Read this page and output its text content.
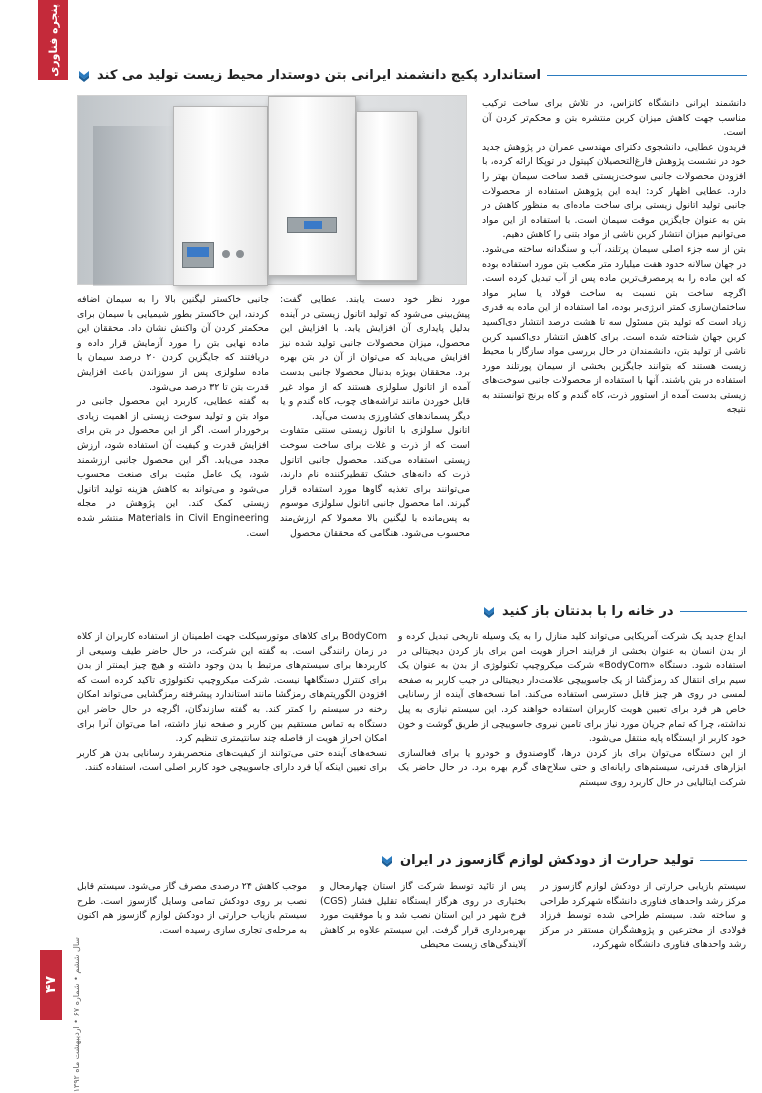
پنجره فناوری	استاندارد پکیج دانشمند ایرانی بتن دوستدار محیط زیست تولید می کند

دانشمند ایرانی دانشگاه کانزاس، در تلاش برای ساخت ترکیب مناسب جهت کاهش میزان کربن منتشره بتن و محکم‌تر کردن آن است.

فریدون عطایی، دانشجوی دکترای مهندسی عمران در پژوهش جدید خود در نشست پژوهش فارغ‌التحصیلان کپیتول در توپکا ارائه کرده، با افزودن محصولات جانبی سوخت‌زیستی قصد ساخت سیمان بهتر را دارد. عطایی اظهار کرد: ایده این پژوهش استفاده از محصولات جانبی تولید اتانول زیستی برای ساخت ماده‌ای به منظور کاهش در بتن به عنوان جایگزین موقت سیمان است. با استفاده از این مواد می‌توانیم میزان انتشار کربن ناشی از مواد بتنی را کاهش دهیم.

بتن از سه جزء اصلی سیمان پرتلند، آب و سنگدانه ساخته می‌شود. در جهان سالانه حدود هفت میلیارد متر مکعب بتن مورد استفاده بوده که این ماده را به پرمصرف‌ترین ماده پس از آب تبدیل کرده است. اگرچه ساخت بتن نسبت به ساخت فولاد یا سایر مواد ساختمان‌سازی کمتر انرژی‌بر بوده، اما استفاده از این ماده به قدری زیاد است که تولید بتن مسئول سه تا هشت درصد انتشار دی‌اکسید کربن جهان شناخته شده است. برای کاهش انتشار دی‌اکسید کربن ناشی از تولید بتن، دانشمندان در حال بررسی مواد سازگار با محیط زیست هستند که بتوانند جایگزین بخشی از سیمان پورتلند مورد استفاده در بتن باشند. آنها با استفاده از محصولات جانبی سوخت‌های زیستی بدست آمده از استوور ذرت، کاه گندم و کاه برنج توانستند به نتیجه

مورد نظر خود دست یابند. عطایی گفت: پیش‌بینی می‌شود که تولید اتانول زیستی در آینده بدلیل پایداری آن افزایش یابد. با افزایش این محصول، میزان محصولات جانبی تولید شده نیز افزایش می‌یابد که می‌توان از آن در بتن بهره برد. محققان بویژه بدنبال محصولا جانبی بدست آمده از اتانول سلولزی هستند که از مواد غیر قابل خوردن مانند تراشه‌های چوب، کاه گندم و یا دیگر پسماندهای کشاورزی بدست می‌آید.

اتانول سلولزی با اتانول زیستی سنتی متفاوت است که از ذرت و غلات برای ساخت سوخت زیستی استفاده می‌کند. محصول جانبی اتانول ذرت که دانه‌های خشک تقطیرکننده نام دارند، می‌توانند برای تغذیه گاوها مورد استفاده قرار گیرند. اما محصول جانبی اتانول سلولزی موسوم به پس‌مانده با لیگنین بالا معمولا کم ارزش‌مند محسوب می‌شود. هنگامی که محققان محصول

جانبی خاکستر لیگنین بالا را به سیمان اضافه کردند، این خاکستر بطور شیمیایی با سیمان برای محکمتر کردن آن واکنش نشان داد. محققان این ماده نهایی بتن را مورد آزمایش قرار داده و دریافتند که جایگزین کردن ۲۰ درصد سیمان با ماده سلولزی پس از سوزاندن باعث افزایش قدرت بتن تا ۳۲ درصد می‌شود.

به گفته عطایی، کاربرد این محصول جانبی در مواد بتن و تولید سوخت زیستی از اهمیت زیادی برخوردار است. اگر از این محصول در بتن برای افزایش قدرت و کیفیت آن استفاده شود، ارزش مجدد می‌یابد. اگر این محصول جانبی ارزشمند شود، یک عامل مثبت برای صنعت محسوب می‌شود و می‌تواند به کاهش هزینه تولید اتانول زیستی کمک کند. این پژوهش در مجله Materials in Civil Engineering منتشر شده است.

در خانه را با بدنتان باز کنید

ابداع جدید یک شرکت آمریکایی می‌تواند کلید منازل را به یک وسیله تاریخی تبدیل کرده و از بدن انسان به عنوان بخشی از فرایند احراز هویت امن برای باز کردن دیجیتالی در استفاده شود. دستگاه «BodyCom» شرکت میکروچیپ تکنولوژی از بدن به عنوان یک سیم برای انتقال کد رمزگشا از یک جاسوییچی علامت‌دار دیجیتالی در جیب کاربر به صفحه لمسی در روی هر چیز قابل دسترسی استفاده می‌کند. اما نسخه‌های آینده از رسانایی خاص هر فرد برای تعیین هویت کاربران استفاده خواهند کرد. این سیستم نیازی به پیل نداشته، چرا که تمام جریان مورد نیاز برای تامین نیروی جاسوییچی از طریق گوشت و خون خود کاربر از ایستگاه پایه منتقل می‌شود.

از این دستگاه می‌توان برای باز کردن درها، گاوصندوق و خودرو یا برای فعالسازی ابزارهای قدرتی، سیستم‌های رایانه‌ای و حتی سلاح‌های گرم بهره برد. در حال حاضر یک شرکت ایتالیایی در حال کاربرد روی سیستم

BodyCom برای کلاهای موتورسیکلت جهت اطمینان از استفاده کاربران از کلاه در زمان رانندگی است. به گفته این شرکت، در حال حاضر طیف وسیعی از کاربردها برای سیستم‌های مرتبط با بدن وجود داشته و هیچ چیز ایمنتر از بدن برای کنترل دستگاهها نیست. شرکت میکروچیپ تکنولوژی تاکید کرده است که افزودن الگوریتم‌های رمزگشا مانند استاندارد پیشرفته رمزگشایی می‌تواند امکان رخنه در سیستم را کمتر کند. به گفته سازندگان، اگرچه در حال حاضر این دستگاه به تماس مستقیم بین کاربر و صفحه نیاز داشته، اما می‌توان آنرا برای امکان احراز هویت از فاصله چند سانتیمتری تنظیم کرد.

نسخه‌های آینده حتی می‌توانند از کیفیت‌های منحصربفرد رسانایی بدن هر کاربر برای تعیین اینکه آیا فرد دارای جاسوییچی خود کاربر اصلی است، استفاده کنند.

تولید حرارت از دودکش لوازم گازسوز در ایران

سیستم بازیابی حرارتی از دودکش لوازم گازسوز در مرکز رشد واحدهای فناوری دانشگاه شهرکرد طراحی و ساخته شد. سیستم طراحی شده توسط فرزاد فولادی از مخترعین و پژوهشگران مستقر در مرکز رشد واحدهای فناوری دانشگاه شهرکرد،

پس از تائید توسط شرکت گاز استان چهارمحال و بختیاری در روی هرگاز ایستگاه تقلیل فشار (CGS) فرخ شهر در این استان نصب شد و با موفقیت مورد بهره‌برداری قرار گرفت. این سیستم علاوه بر کاهش آلایندگی‌های زیست محیطی

موجب کاهش ۲۴ درصدی مصرف گاز می‌شود. سیستم قابل نصب بر روی دودکش تمامی وسایل گازسوز است. طرح سیستم بازیاب حرارتی از دودکش لوازم گازسوز هم اکنون به مرحله‌ی تجاری سازی رسیده است.

۴۷
سال ششم • شماره ۶۷ • اردیبهشت ماه ۱۳۹۲
